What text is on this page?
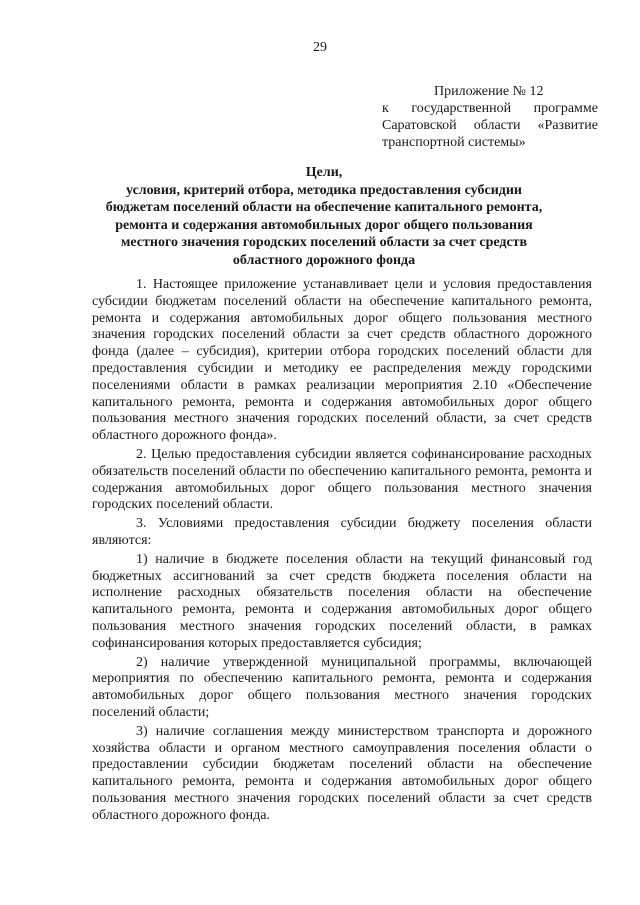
29
Приложение № 12
к государственной программе Саратовской области «Развитие транспортной системы»
Цели,
условия, критерий отбора, методика предоставления субсидии бюджетам поселений области на обеспечение капитального ремонта, ремонта и содержания автомобильных дорог общего пользования местного значения городских поселений области за счет средств областного дорожного фонда

1. Настоящее приложение устанавливает цели и условия предоставления субсидии бюджетам поселений области на обеспечение капитального ремонта, ремонта и содержания автомобильных дорог общего пользования местного значения городских поселений области за счет средств областного дорожного фонда (далее – субсидия), критерии отбора городских поселений области для предоставления субсидии и методику ее распределения между городскими поселениями области в рамках реализации мероприятия 2.10 «Обеспечение капитального ремонта, ремонта и содержания автомобильных дорог общего пользования местного значения городских поселений области, за счет средств областного дорожного фонда».

2. Целью предоставления субсидии является софинансирование расходных обязательств поселений области по обеспечению капитального ремонта, ремонта и содержания автомобильных дорог общего пользования местного значения городских поселений области.

3. Условиями предоставления субсидии бюджету поселения области являются:

1) наличие в бюджете поселения области на текущий финансовый год бюджетных ассигнований за счет средств бюджета поселения области на исполнение расходных обязательств поселения области на обеспечение капитального ремонта, ремонта и содержания автомобильных дорог общего пользования местного значения городских поселений области, в рамках софинансирования которых предоставляется субсидия;

2) наличие утвержденной муниципальной программы, включающей мероприятия по обеспечению капитального ремонта, ремонта и содержания автомобильных дорог общего пользования местного значения городских поселений области;

3) наличие соглашения между министерством транспорта и дорожного хозяйства области и органом местного самоуправления поселения области о предоставлении субсидии бюджетам поселений области на обеспечение капитального ремонта, ремонта и содержания автомобильных дорог общего пользования местного значения городских поселений области за счет средств областного дорожного фонда.
